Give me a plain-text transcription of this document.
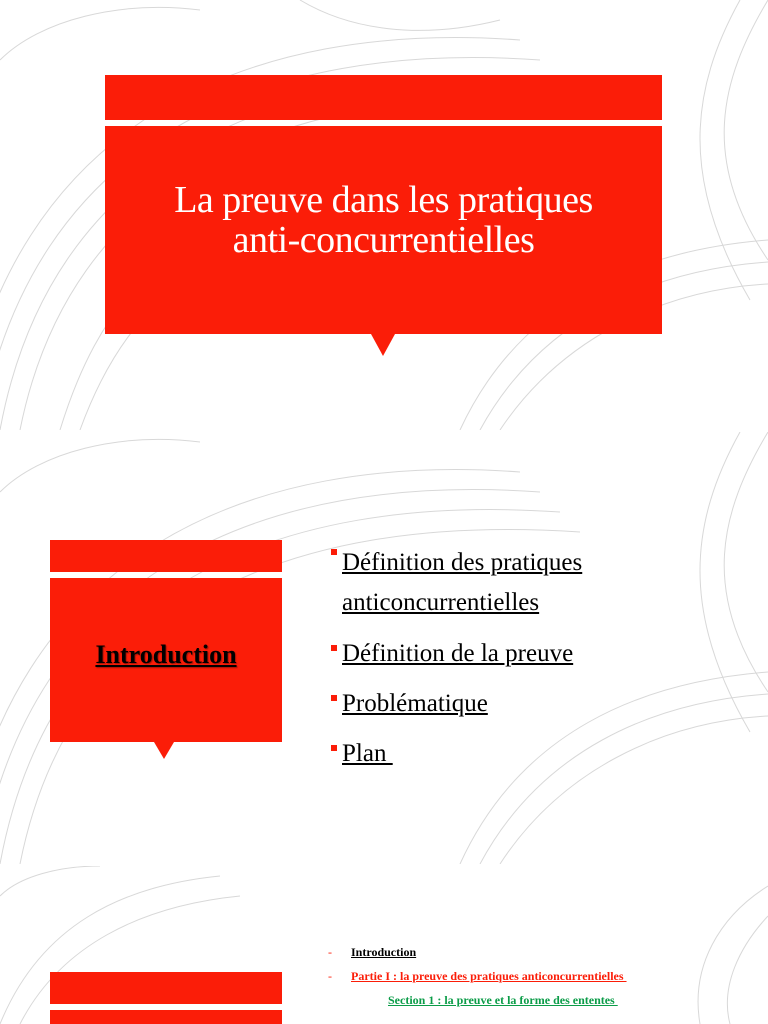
La preuve dans les pratiques
anti-concurrentielles
Introduction
Définition des pratiques
anticoncurrentielles
Définition de la preuve
Problématique
Plan
- Introduction
- Partie I : la preuve des pratiques anticoncurrentielles
Section 1 : la preuve et la forme des ententes
